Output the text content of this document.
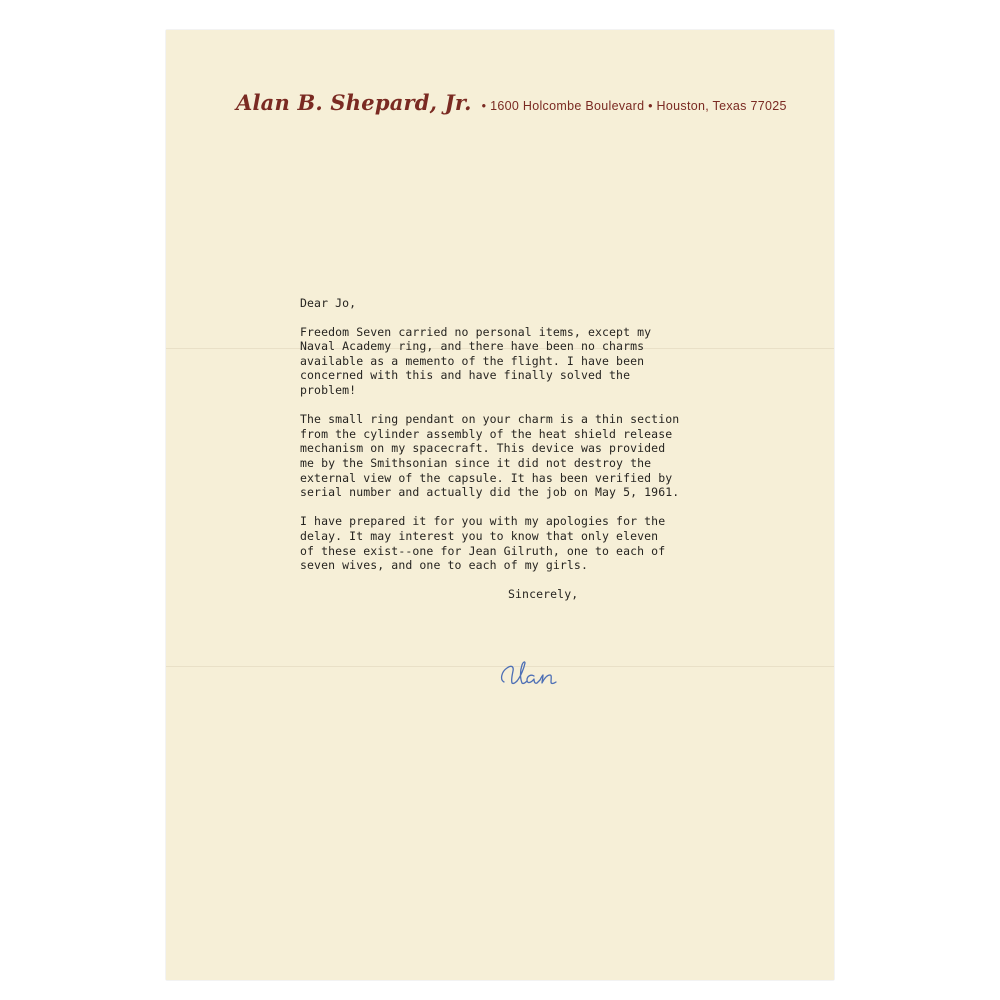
Alan B. Shepard, Jr. • 1600 Holcombe Boulevard • Houston, Texas 77025

Dear Jo,

Freedom Seven carried no personal items, except my
Naval Academy ring, and there have been no charms
available as a memento of the flight. I have been
concerned with this and have finally solved the
problem!

The small ring pendant on your charm is a thin section
from the cylinder assembly of the heat shield release
mechanism on my spacecraft. This device was provided
me by the Smithsonian since it did not destroy the
external view of the capsule. It has been verified by
serial number and actually did the job on May 5, 1961.

I have prepared it for you with my apologies for the
delay. It may interest you to know that only eleven
of these exist--one for Jean Gilruth, one to each of
seven wives, and one to each of my girls.

Sincerely,
